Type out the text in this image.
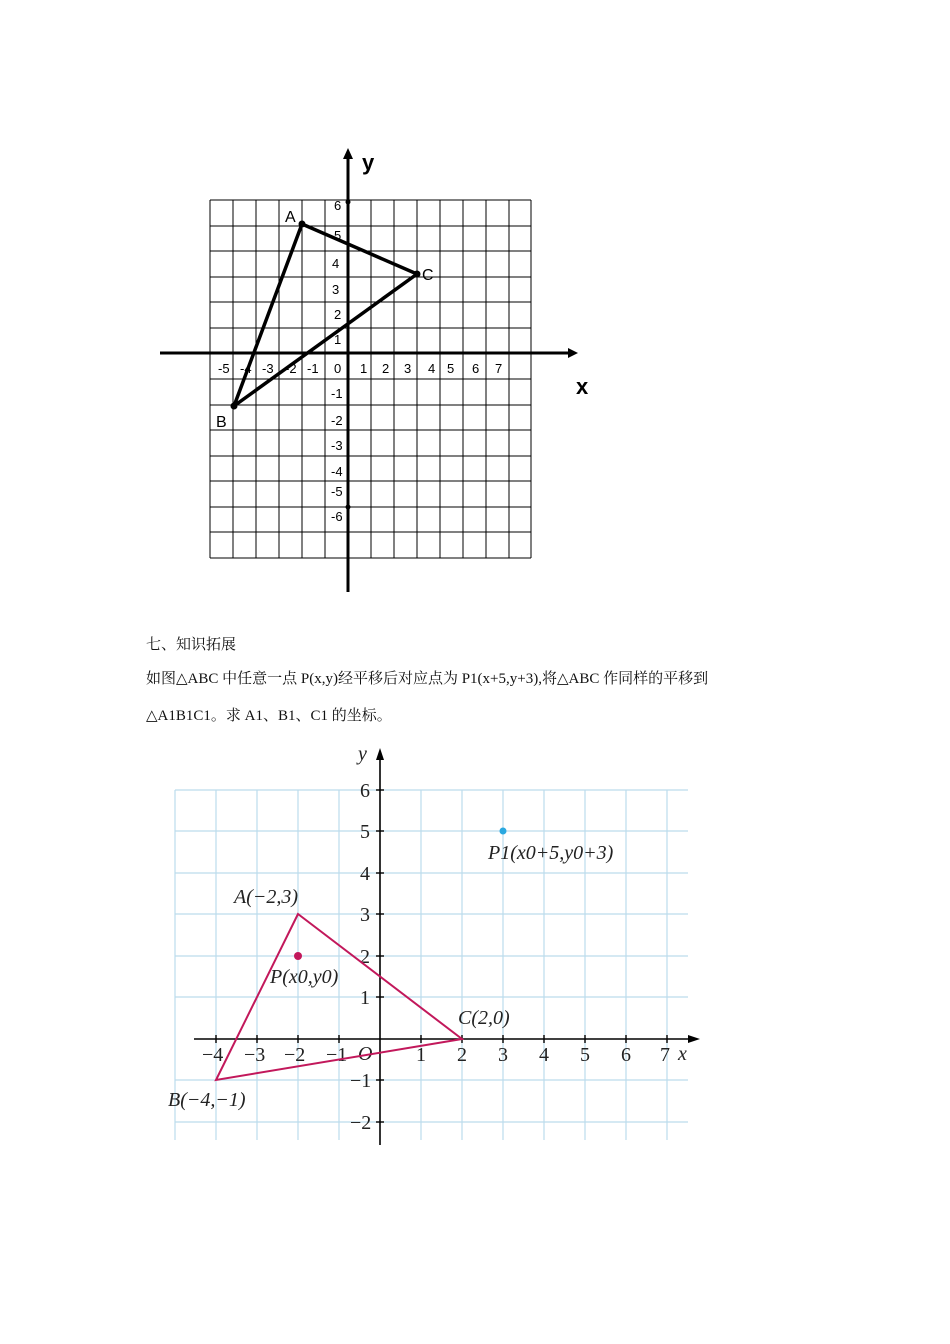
x
y
-5 -4 -3 -2 -1 0 1 2 3 4 5 6 7
6
5
4
3
2
1
-1
-2
-3
-4
-5
-6
A
B
C
七、知识拓展
如图△ABC 中任意一点 P(x,y)经平移后对应点为 P1(x+5,y+3),将△ABC 作同样的平移到
△A1B1C1。求 A1、B1、C1 的坐标。
x
y
O
−4 −3 −2 −1	1 2 3 4 5 6 7
6
5
4
3
2
1
−1
−2
A(−2,3)
B(−4,−1)
C(2,0)
P(x0,y0)
P1(x0+5,y0+3)
